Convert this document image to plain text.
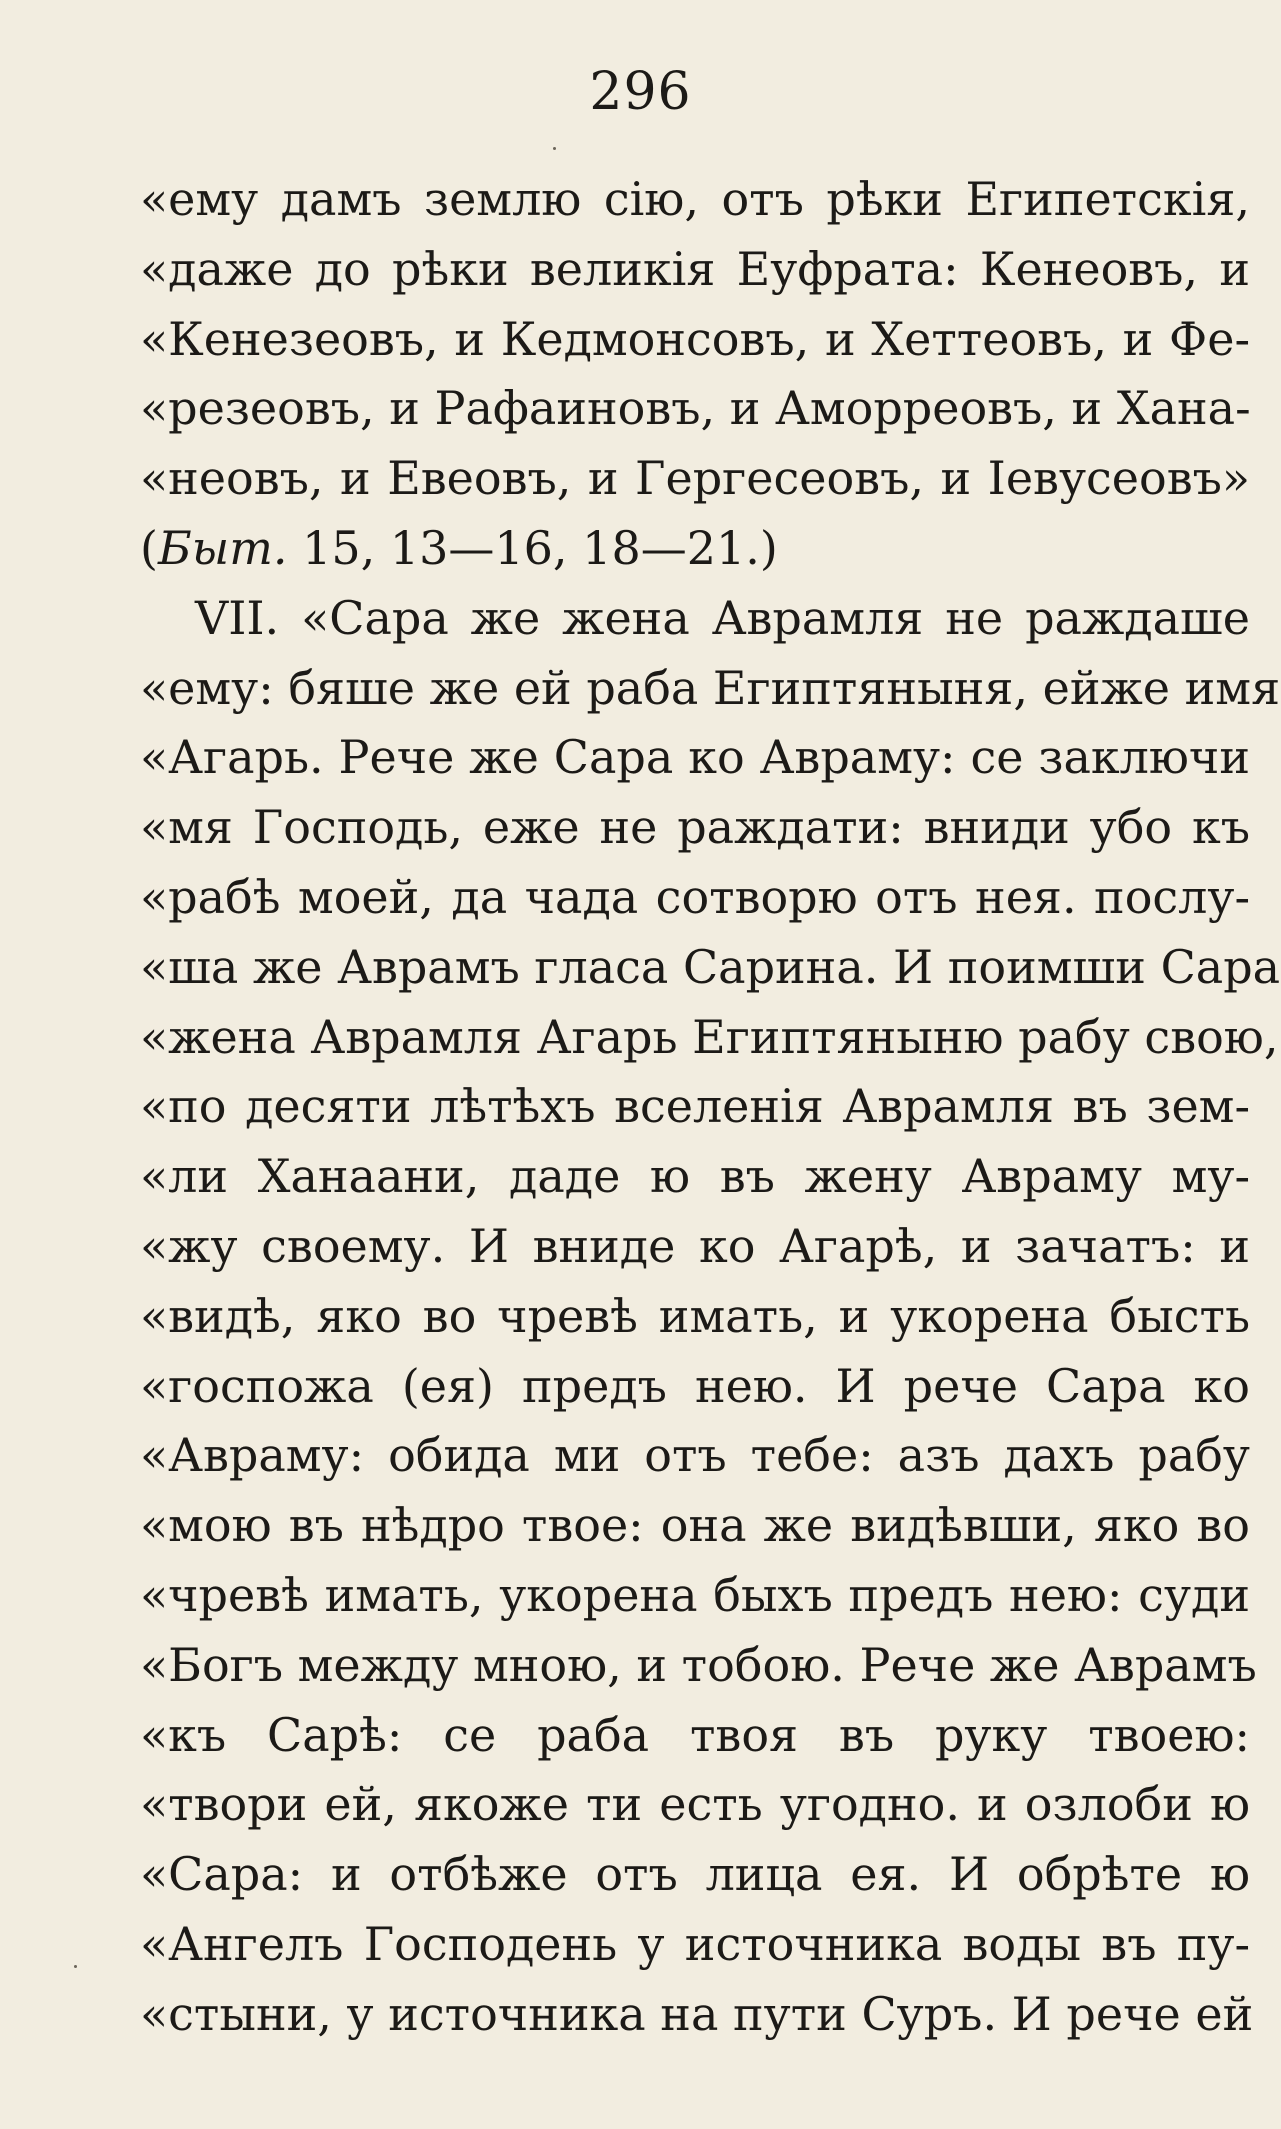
296
«ему дамъ землю сію, отъ рѣки Египетскія,
«даже до рѣки великія Еуфрата: Кенеовъ, и
«Кенезеовъ, и Кедмонсовъ, и Хеттеовъ, и Фе-
«резеовъ, и Рафаиновъ, и Аморреовъ, и Хана-
«неовъ, и Евеовъ, и Гергесеовъ, и Іевусеовъ»
(Быт. 15, 13—16, 18—21.)
VII. «Сара же жена Аврамля не раждаше
«ему: бяше же ей раба Египтяныня, ейже имя
«Агарь. Рече же Сара ко Авраму: се заключи
«мя Господь, еже не раждати: вниди убо къ
«рабѣ моей, да чада сотворю отъ нея. послу-
«ша же Аврамъ гласа Сарина. И поимши Сара
«жена Аврамля Агарь Египтяныню рабу свою,
«по десяти лѣтѣхъ вселенія Аврамля въ зем-
«ли Ханаани, даде ю въ жену Авраму му-
«жу своему. И вниде ко Агарѣ, и зачатъ: и
«видѣ, яко во чревѣ имать, и укорена бысть
«госпожа (ея) предъ нею. И рече Сара ко
«Авраму: обида ми отъ тебе: азъ дахъ рабу
«мою въ нѣдро твое: она же видѣвши, яко во
«чревѣ имать, укорена быхъ предъ нею: суди
«Богъ между мною, и тобою. Рече же Аврамъ
«къ Сарѣ: се раба твоя въ руку твоею:
«твори ей, якоже ти есть угодно. и озлоби ю
«Сара: и отбѣже отъ лица ея. И обрѣте ю
«Ангелъ Господень у источника воды въ пу-
«стыни, у источника на пути Суръ. И рече ей
